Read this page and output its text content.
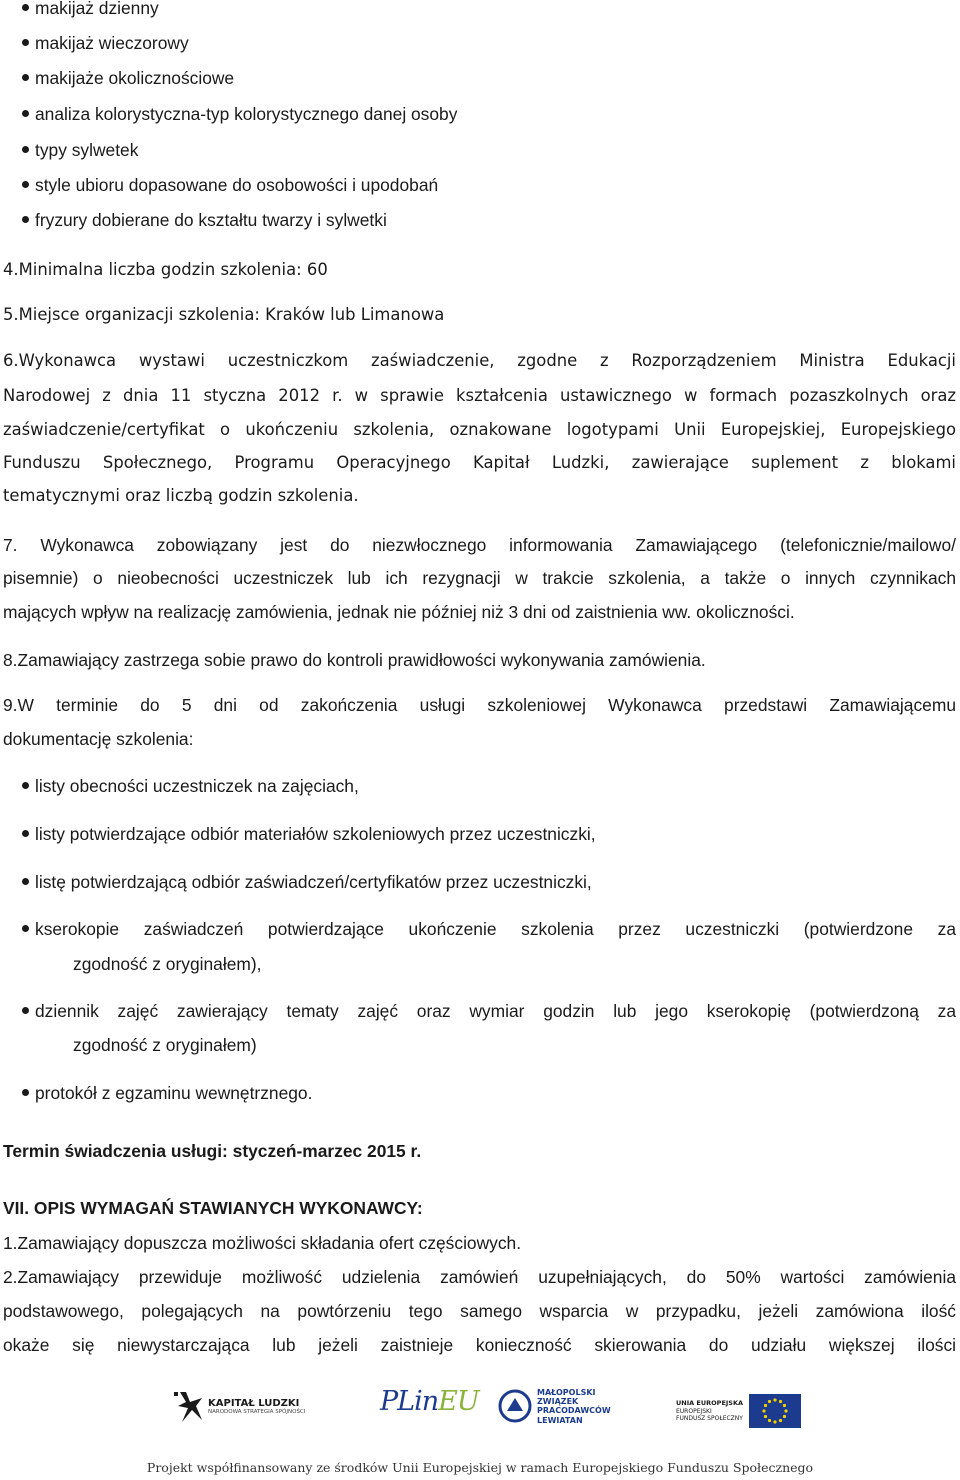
makijaż dzienny
makijaż wieczorowy
makijaże okolicznościowe
analiza kolorystyczna-typ kolorystycznego danej osoby
typy sylwetek
style ubioru dopasowane do osobowości i upodobań
fryzury dobierane do kształtu twarzy i sylwetki
4.Minimalna liczba godzin szkolenia: 60
5.Miejsce organizacji szkolenia: Kraków lub Limanowa
6.Wykonawca wystawi uczestniczkom zaświadczenie, zgodne z Rozporządzeniem Ministra Edukacji
Narodowej z dnia 11 styczna 2012 r. w sprawie kształcenia ustawicznego w formach pozaszkolnych oraz
zaświadczenie/certyfikat o ukończeniu szkolenia, oznakowane logotypami Unii Europejskiej, Europejskiego
Funduszu Społecznego, Programu Operacyjnego Kapitał Ludzki, zawierające suplement z blokami
tematycznymi oraz liczbą godzin szkolenia.
7. Wykonawca zobowiązany jest do niezwłocznego informowania Zamawiającego (telefonicznie/mailowo/
pisemnie) o nieobecności uczestniczek lub ich rezygnacji w trakcie szkolenia, a także o innych czynnikach
mających wpływ na realizację zamówienia, jednak nie później niż 3 dni od zaistnienia ww. okoliczności.
8.Zamawiający zastrzega sobie prawo do kontroli prawidłowości wykonywania zamówienia.
9.W terminie do 5 dni od zakończenia usługi szkoleniowej Wykonawca przedstawi Zamawiającemu
dokumentację szkolenia:
listy obecności uczestniczek na zajęciach,
listy potwierdzające odbiór materiałów szkoleniowych przez uczestniczki,
listę potwierdzającą odbiór zaświadczeń/certyfikatów przez uczestniczki,
kserokopie zaświadczeń potwierdzające ukończenie szkolenia przez uczestniczki (potwierdzone za
zgodność z oryginałem),
dziennik zajęć zawierający tematy zajęć oraz wymiar godzin lub jego kserokopię (potwierdzoną za
zgodność z oryginałem)
protokół z egzaminu wewnętrznego.
Termin świadczenia usługi: styczeń-marzec 2015 r.
VII. OPIS WYMAGAŃ STAWIANYCH WYKONAWCY:
1.Zamawiający dopuszcza możliwości składania ofert częściowych.
2.Zamawiający przewiduje możliwość udzielenia zamówień uzupełniających, do 50% wartości zamówienia
podstawowego, polegających na powtórzeniu tego samego wsparcia w przypadku, jeżeli zamówiona ilość
okaże się niewystarczająca lub jeżeli zaistnieje konieczność skierowania do udziału większej ilości
KAPITAŁ LUDZKI
NARODOWA STRATEGIA SPÓJNOŚCI	PLin EU	MAŁOPOLSKI
ZWIĄZEK
PRACODAWCÓW
LEWIATAN
UNIA EUROPEJSKA
EUROPEJSKI
FUNDUSZ SPOŁECZNY
Projekt współfinansowany ze środków Unii Europejskiej w ramach Europejskiego Funduszu Społecznego
